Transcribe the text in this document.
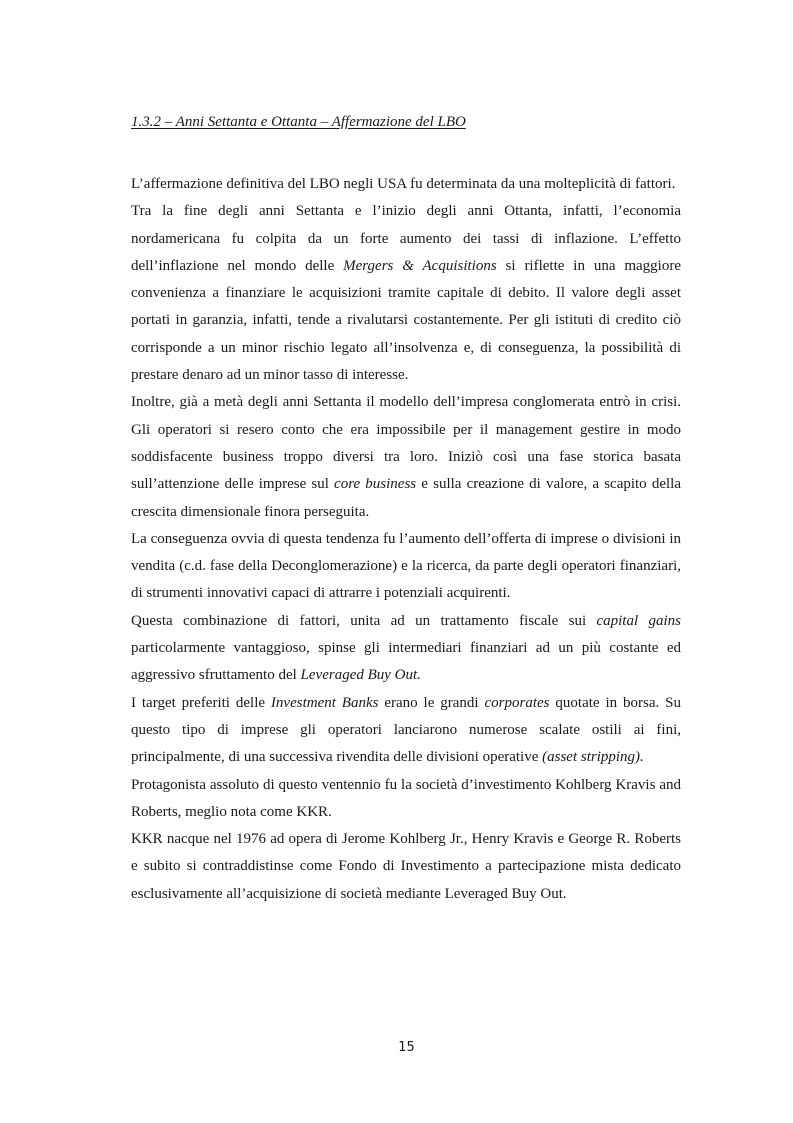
1.3.2 – Anni Settanta e Ottanta – Affermazione del LBO

L’affermazione definitiva del LBO negli USA fu determinata da una molteplicità di fattori.

Tra la fine degli anni Settanta e l’inizio degli anni Ottanta, infatti, l’economia nordamericana fu colpita da un forte aumento dei tassi di inflazione. L’effetto dell’inflazione nel mondo delle Mergers & Acquisitions si riflette in una maggiore convenienza a finanziare le acquisizioni tramite capitale di debito. Il valore degli asset portati in garanzia, infatti, tende a rivalutarsi costantemente. Per gli istituti di credito ciò corrisponde a un minor rischio legato all’insolvenza e, di conseguenza, la possibilità di prestare denaro ad un minor tasso di interesse.

Inoltre, già a metà degli anni Settanta il modello dell’impresa conglomerata entrò in crisi. Gli operatori si resero conto che era impossibile per il management gestire in modo soddisfacente business troppo diversi tra loro. Iniziò così una fase storica basata sull’attenzione delle imprese sul core business e sulla creazione di valore, a scapito della crescita dimensionale finora perseguita.

La conseguenza ovvia di questa tendenza fu l’aumento dell’offerta di imprese o divisioni in vendita (c.d. fase della Deconglomerazione) e la ricerca, da parte degli operatori finanziari, di strumenti innovativi capaci di attrarre i potenziali acquirenti.

Questa combinazione di fattori, unita ad un trattamento fiscale sui capital gains particolarmente vantaggioso, spinse gli intermediari finanziari ad un più costante ed aggressivo sfruttamento del Leveraged Buy Out.

I target preferiti delle Investment Banks erano le grandi corporates quotate in borsa. Su questo tipo di imprese gli operatori lanciarono numerose scalate ostili ai fini, principalmente, di una successiva rivendita delle divisioni operative (asset stripping).

Protagonista assoluto di questo ventennio fu la società d’investimento Kohlberg Kravis and Roberts, meglio nota come KKR.

KKR nacque nel 1976 ad opera di Jerome Kohlberg Jr., Henry Kravis e George R. Roberts e subito si contraddistinse come Fondo di Investimento a partecipazione mista dedicato esclusivamente all’acquisizione di società mediante Leveraged Buy Out.

15
